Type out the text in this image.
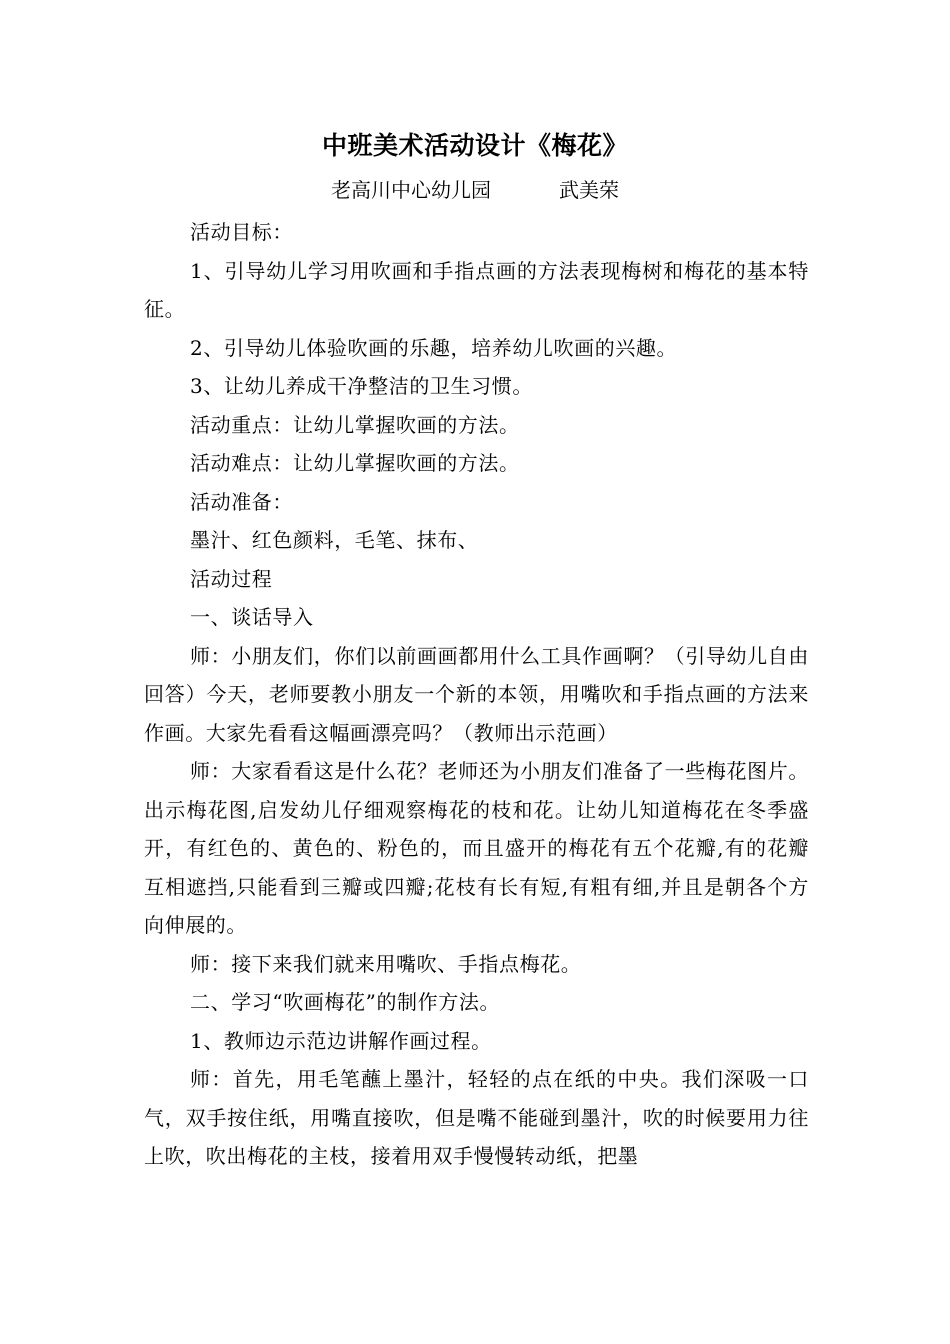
中班美术活动设计《梅花》
老高川中心幼儿园	武美荣

活动目标：

1、引导幼儿学习用吹画和手指点画的方法表现梅树和梅花的基本特征。

2、引导幼儿体验吹画的乐趣，培养幼儿吹画的兴趣。

3、让幼儿养成干净整洁的卫生习惯。

活动重点：让幼儿掌握吹画的方法。

活动难点：让幼儿掌握吹画的方法。

活动准备：

墨汁、红色颜料，毛笔、抹布、

活动过程

一、谈话导入

师：小朋友们，你们以前画画都用什么工具作画啊？（引导幼儿自由回答）今天，老师要教小朋友一个新的本领，用嘴吹和手指点画的方法来作画。大家先看看这幅画漂亮吗？（教师出示范画）

师：大家看看这是什么花？老师还为小朋友们准备了一些梅花图片。出示梅花图,启发幼儿仔细观察梅花的枝和花。让幼儿知道梅花在冬季盛开，有红色的、黄色的、粉色的，而且盛开的梅花有五个花瓣,有的花瓣互相遮挡,只能看到三瓣或四瓣;花枝有长有短,有粗有细,并且是朝各个方向伸展的。

师：接下来我们就来用嘴吹、手指点梅花。

二、学习“吹画梅花”的制作方法。

1、教师边示范边讲解作画过程。

师：首先，用毛笔蘸上墨汁，轻轻的点在纸的中央。我们深吸一口气，双手按住纸，用嘴直接吹，但是嘴不能碰到墨汁，吹的时候要用力往上吹，吹出梅花的主枝，接着用双手慢慢转动纸，把墨
